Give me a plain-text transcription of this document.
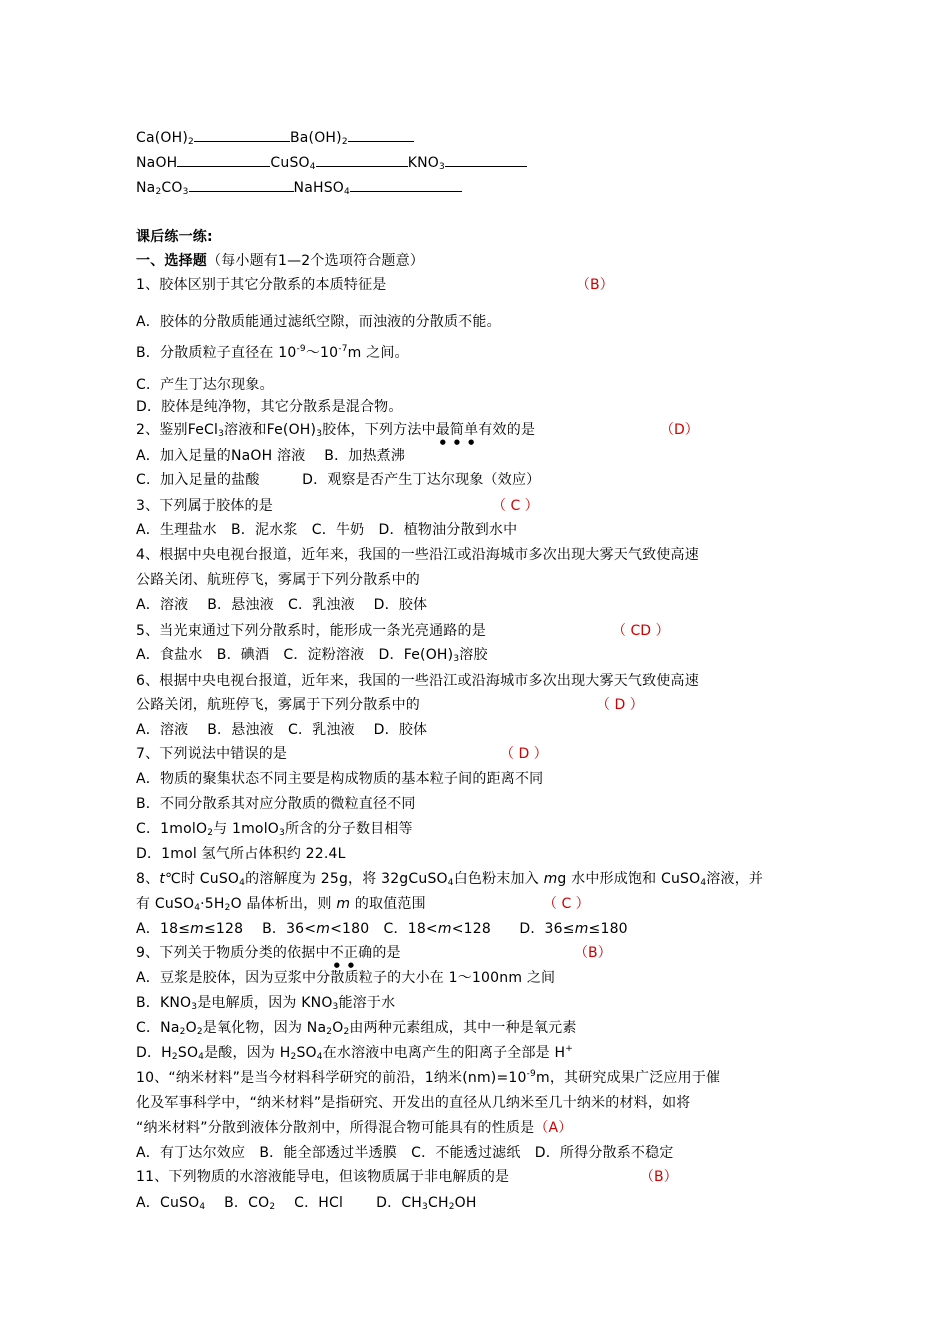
$Ca(OH)_2$	$Ba(OH)_2$
NaOH	CuSO$_4$	$KNO_3$
$Na_2CO_3$	NaHSO$_4$
课后练一练:
一、选择题（每小题有1—2个选项符合题意）
1、胶体区别于其它分散系的本质特征是	（B）
A．胶体的分散质能通过滤纸空隙，而浊液的分散质不能。
B．分散质粒子直径在 $10^{-9}\sim 10^{-7}m$ 之间。
C．产生丁达尔现象。
D．胶体是纯净物，其它分散系是混合物。
2、鉴别FeCl$_3$溶液和$Fe(OH)_3$胶体，下列方法中最简单有效的是	（D）
A．加入足量的NaOH 溶液　 B．加热煮沸
C．加入足量的盐酸　　　D．观察是否产生丁达尔现象（效应）
3、下列属于胶体的是	（ C ）
A．生理盐水　B．泥水浆　C．牛奶　D．植物油分散到水中
4、根据中央电视台报道，近年来，我国的一些沿江或沿海城市多次出现大雾天气致使高速
公路关闭、航班停飞，雾属于下列分散系中的
A．溶液　 B．悬浊液　C．乳浊液　 D．胶体
5、当光束通过下列分散系时，能形成一条光亮通路的是	（ CD ）
A．食盐水　B．碘酒　C．淀粉溶液　D．$Fe(OH)_3$溶胶
6、根据中央电视台报道，近年来，我国的一些沿江或沿海城市多次出现大雾天气致使高速
公路关闭，航班停飞，雾属于下列分散系中的	（ D ）
A．溶液　 B．悬浊液　C．乳浊液　 D．胶体
7、下列说法中错误的是	（ D ）
A．物质的聚集状态不同主要是构成物质的基本粒子间的距离不同
B．不同分散系其对应分散质的微粒直径不同
C．1molO$_2$与 1molO$_3$所含的分子数目相等
D．1mol 氢气所占体积约 22.4L
8、t℃时 CuSO$_4$的溶解度为 25g，将 32gCuSO$_4$白色粉末加入 mg 水中形成饱和 CuSO$_4$溶液，并
有 $CuSO_4\cdot 5H_2O$ 晶体析出，则 m 的取值范围	（ C ）
A．18≤m≤128　 B．36<m<180　C．18<m<128　　D．36≤m≤180
9、下列关于物质分类的依据中不正确的是	（B）
A．豆浆是胶体，因为豆浆中分散质粒子的大小在 1～100nm 之间
B．$KNO_3$是电解质，因为 $KNO_3$能溶于水
C．$Na_2O_2$是氧化物，因为 $Na_2O_2$由两种元素组成，其中一种是氧元素
D．$H_2SO_4$是酸，因为 $H_2SO_4$在水溶液中电离产生的阳离子全部是 H+
10、“纳米材料”是当今材料科学研究的前沿，1纳米$(nm)=10^{-9}m$，其研究成果广泛应用于催
化及军事科学中，“纳米材料”是指研究、开发出的直径从几纳米至几十纳米的材料，如将
“纳米材料”分散到液体分散剂中，所得混合物可能具有的性质是（A）
A．有丁达尔效应　B．能全部透过半透膜　C．不能透过滤纸　D．所得分散系不稳定
11、下列物质的水溶液能导电，但该物质属于非电解质的是	（B）
A．CuSO$_4$　 B．$CO_2$　 C．HCl　　 D．$CH_3CH_2OH$
